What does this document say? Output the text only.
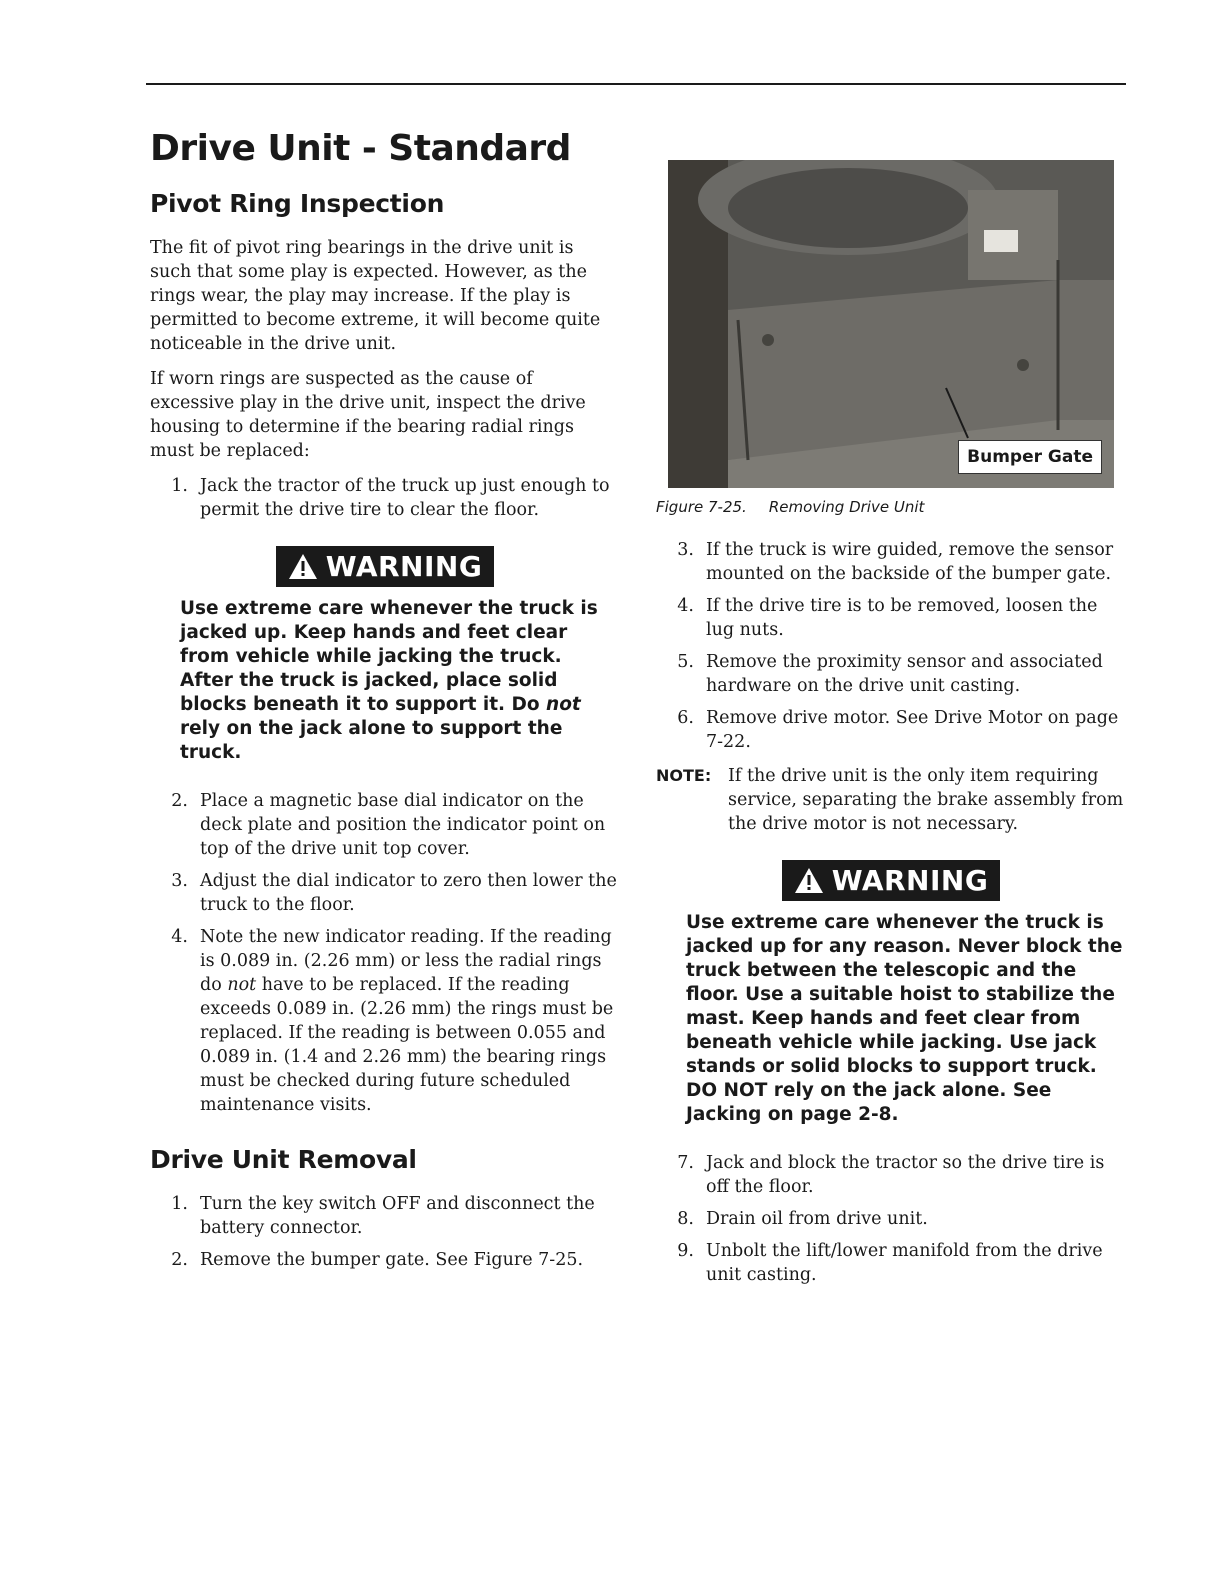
Drive Unit - Standard
Pivot Ring Inspection

The fit of pivot ring bearings in the drive unit is such that some play is expected. However, as the rings wear, the play may increase. If the play is permitted to become extreme, it will become quite noticeable in the drive unit.

If worn rings are suspected as the cause of excessive play in the drive unit, inspect the drive housing to determine if the bearing radial rings must be replaced:

1. Jack the tractor of the truck up just enough to permit the drive tire to clear the floor.
WARNING
Use extreme care whenever the truck is jacked up. Keep hands and feet clear from vehicle while jacking the truck. After the truck is jacked, place solid blocks beneath it to support it. Do not rely on the jack alone to support the truck.
2. Place a magnetic base dial indicator on the deck plate and position the indicator point on top of the drive unit top cover.
3. Adjust the dial indicator to zero then lower the truck to the floor.
4. Note the new indicator reading. If the reading is 0.089 in. (2.26 mm) or less the radial rings do not have to be replaced. If the reading exceeds 0.089 in. (2.26 mm) the rings must be replaced. If the reading is between 0.055 and 0.089 in. (1.4 and 2.26 mm) the bearing rings must be checked during future scheduled maintenance visits.
Drive Unit Removal
1. Turn the key switch OFF and disconnect the battery connector.
2. Remove the bumper gate. See Figure 7-25.
Bumper Gate
Figure 7-25. Removing Drive Unit
3. If the truck is wire guided, remove the sensor mounted on the backside of the bumper gate.
4. If the drive tire is to be removed, loosen the lug nuts.
5. Remove the proximity sensor and associated hardware on the drive unit casting.
6. Remove drive motor. See Drive Motor on page 7-22.
NOTE: If the drive unit is the only item requiring service, separating the brake assembly from the drive motor is not necessary.
WARNING
Use extreme care whenever the truck is jacked up for any reason. Never block the truck between the telescopic and the floor. Use a suitable hoist to stabilize the mast. Keep hands and feet clear from beneath vehicle while jacking. Use jack stands or solid blocks to support truck. DO NOT rely on the jack alone. See Jacking on page 2-8.
7. Jack and block the tractor so the drive tire is off the floor.
8. Drain oil from drive unit.
9. Unbolt the lift/lower manifold from the drive unit casting.
